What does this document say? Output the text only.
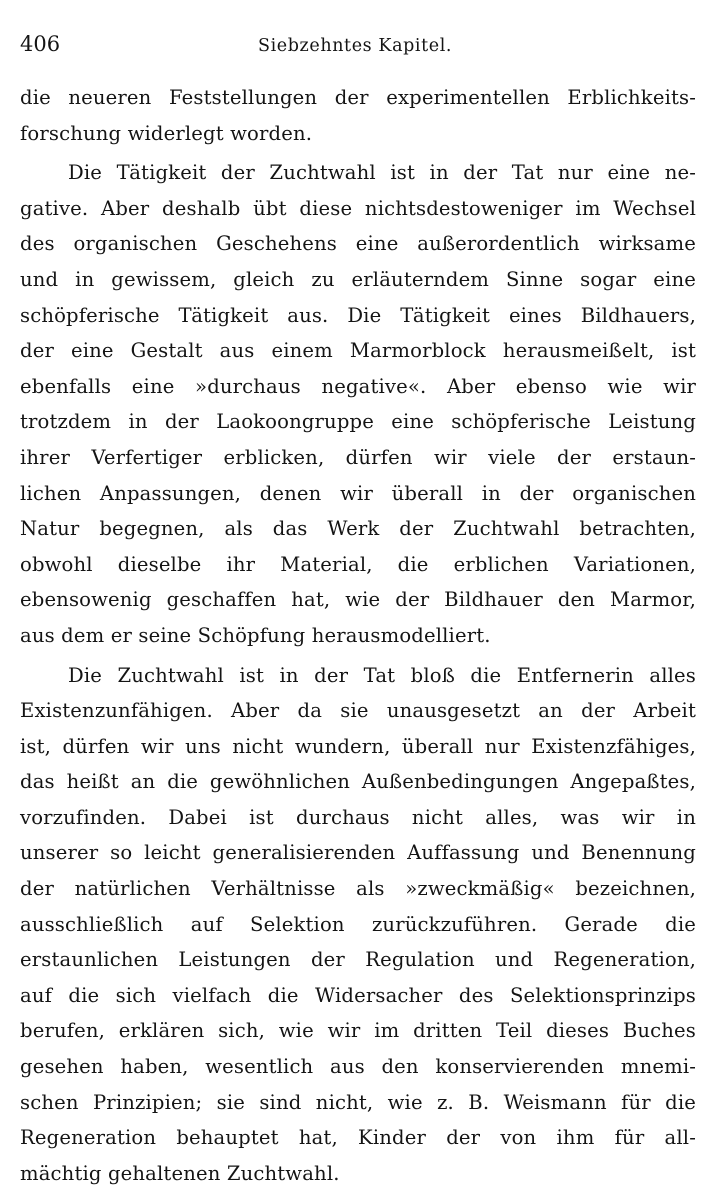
406	Siebzehntes Kapitel.
die neueren Feststellungen der experimentellen Erblichkeits-
forschung widerlegt worden.
Die Tätigkeit der Zuchtwahl ist in der Tat nur eine ne-
gative. Aber deshalb übt diese nichtsdestoweniger im Wechsel
des organischen Geschehens eine außerordentlich wirksame
und in gewissem, gleich zu erläuterndem Sinne sogar eine
schöpferische Tätigkeit aus. Die Tätigkeit eines Bildhauers,
der eine Gestalt aus einem Marmorblock herausmeißelt, ist
ebenfalls eine »durchaus negative«. Aber ebenso wie wir
trotzdem in der Laokoongruppe eine schöpferische Leistung
ihrer Verfertiger erblicken, dürfen wir viele der erstaun-
lichen Anpassungen, denen wir überall in der organischen
Natur begegnen, als das Werk der Zuchtwahl betrachten,
obwohl dieselbe ihr Material, die erblichen Variationen,
ebensowenig geschaffen hat, wie der Bildhauer den Marmor,
aus dem er seine Schöpfung herausmodelliert.
Die Zuchtwahl ist in der Tat bloß die Entfernerin alles
Existenzunfähigen. Aber da sie unausgesetzt an der Arbeit
ist, dürfen wir uns nicht wundern, überall nur Existenzfähiges,
das heißt an die gewöhnlichen Außenbedingungen Angepaßtes,
vorzufinden. Dabei ist durchaus nicht alles, was wir in
unserer so leicht generalisierenden Auffassung und Benennung
der natürlichen Verhältnisse als »zweckmäßig« bezeichnen,
ausschließlich auf Selektion zurückzuführen. Gerade die
erstaunlichen Leistungen der Regulation und Regeneration,
auf die sich vielfach die Widersacher des Selektionsprinzips
berufen, erklären sich, wie wir im dritten Teil dieses Buches
gesehen haben, wesentlich aus den konservierenden mnemi-
schen Prinzipien; sie sind nicht, wie z. B. Weismann für die
Regeneration behauptet hat, Kinder der von ihm für all-
mächtig gehaltenen Zuchtwahl.
